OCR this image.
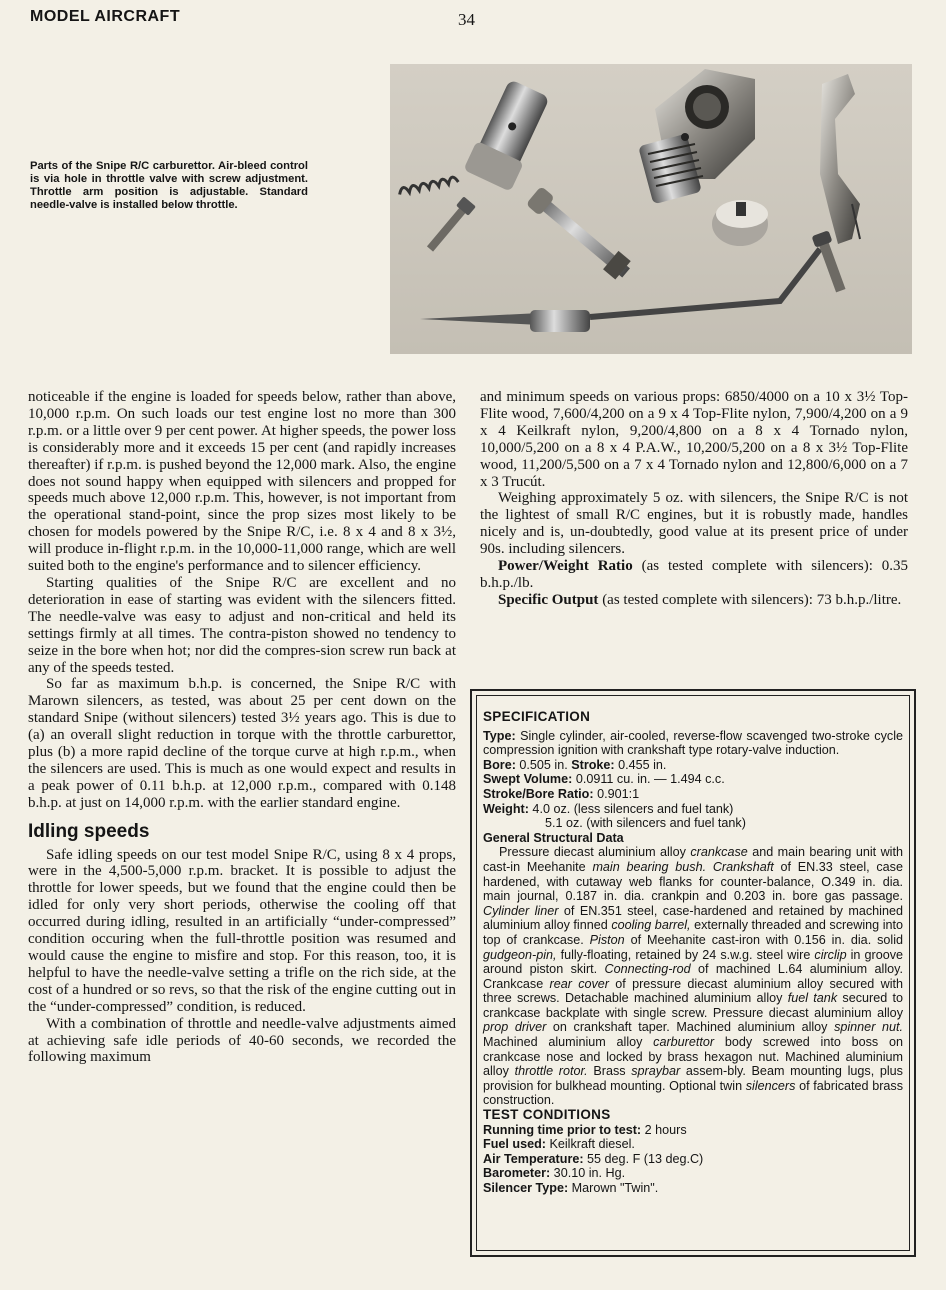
MODEL AIRCRAFT	34
Parts of the Snipe R/C carburettor. Air-bleed control is via hole in throttle valve with screw adjustment. Throttle arm position is adjustable. Standard needle-valve is installed below throttle.

noticeable if the engine is loaded for speeds below, rather than above, 10,000 r.p.m. On such loads our test engine lost no more than 300 r.p.m. or a little over 9 per cent power. At higher speeds, the power loss is considerably more and it exceeds 15 per cent (and rapidly increases thereafter) if r.p.m. is pushed beyond the 12,000 mark. Also, the engine does not sound happy when equipped with silencers and propped for speeds much above 12,000 r.p.m. This, however, is not important from the operational stand-point, since the prop sizes most likely to be chosen for models powered by the Snipe R/C, i.e. 8 x 4 and 8 x 3½, will produce in-flight r.p.m. in the 10,000-11,000 range, which are well suited both to the engine's performance and to silencer efficiency.

Starting qualities of the Snipe R/C are excellent and no deterioration in ease of starting was evident with the silencers fitted. The needle-valve was easy to adjust and non-critical and held its settings firmly at all times. The contra-piston showed no tendency to seize in the bore when hot; nor did the compres-sion screw run back at any of the speeds tested.

So far as maximum b.h.p. is concerned, the Snipe R/C with Marown silencers, as tested, was about 25 per cent down on the standard Snipe (without silencers) tested 3½ years ago. This is due to (a) an overall slight reduction in torque with the throttle carburettor, plus (b) a more rapid decline of the torque curve at high r.p.m., when the silencers are used. This is much as one would expect and results in a peak power of 0.11 b.h.p. at 12,000 r.p.m., compared with 0.148 b.h.p. at just on 14,000 r.p.m. with the earlier standard engine.

Idling speeds

Safe idling speeds on our test model Snipe R/C, using 8 x 4 props, were in the 4,500-5,000 r.p.m. bracket. It is possible to adjust the throttle for lower speeds, but we found that the engine could then be idled for only very short periods, otherwise the cooling off that occurred during idling, resulted in an artificially “under-compressed” condition occuring when the full-throttle position was resumed and would cause the engine to misfire and stop. For this reason, too, it is helpful to have the needle-valve setting a trifle on the rich side, at the cost of a hundred or so revs, so that the risk of the engine cutting out in the “under-compressed” condition, is reduced.

With a combination of throttle and needle-valve adjustments aimed at achieving safe idle periods of 40-60 seconds, we recorded the following maximum

and minimum speeds on various props: 6850/4000 on a 10 x 3½ Top-Flite wood, 7,600/4,200 on a 9 x 4 Top-Flite nylon, 7,900/4,200 on a 9 x 4 Keilkraft nylon, 9,200/4,800 on a 8 x 4 Tornado nylon, 10,000/5,200 on a 8 x 4 P.A.W., 10,200/5,200 on a 8 x 3½ Top-Flite wood, 11,200/5,500 on a 7 x 4 Tornado nylon and 12,800/6,000 on a 7 x 3 Trucút.

Weighing approximately 5 oz. with silencers, the Snipe R/C is not the lightest of small R/C engines, but it is robustly made, handles nicely and is, un-doubtedly, good value at its present price of under 90s. including silencers.

Power/Weight Ratio (as tested complete with silencers): 0.35 b.h.p./lb.

Specific Output (as tested complete with silencers): 73 b.h.p./litre.

SPECIFICATION

Type: Single cylinder, air-cooled, reverse-flow scavenged two-stroke cycle compression ignition with crankshaft type rotary-valve induction.

Bore: 0.505 in. Stroke: 0.455 in.

Swept Volume: 0.0911 cu. in. — 1.494 c.c.

Stroke/Bore Ratio: 0.901:1

Weight: 4.0 oz. (less silencers and fuel tank)

5.1 oz. (with silencers and fuel tank)

General Structural Data

Pressure diecast aluminium alloy crankcase and main bearing unit with cast-in Meehanite main bearing bush. Crankshaft of EN.33 steel, case hardened, with cutaway web flanks for counter-balance, O.349 in. dia. main journal, 0.187 in. dia. crankpin and 0.203 in. bore gas passage. Cylinder liner of EN.351 steel, case-hardened and retained by machined aluminium alloy finned cooling barrel, externally threaded and screwing into top of crankcase. Piston of Meehanite cast-iron with 0.156 in. dia. solid gudgeon-pin, fully-floating, retained by 24 s.w.g. steel wire circlip in groove around piston skirt. Connecting-rod of machined L.64 aluminium alloy. Crankcase rear cover of pressure diecast aluminium alloy secured with three screws. Detachable machined aluminium alloy fuel tank secured to crankcase backplate with single screw. Pressure diecast aluminium alloy prop driver on crankshaft taper. Machined aluminium alloy spinner nut. Machined aluminium alloy carburettor body screwed into boss on crankcase nose and locked by brass hexagon nut. Machined aluminium alloy throttle rotor. Brass spraybar assem-bly. Beam mounting lugs, plus provision for bulkhead mounting. Optional twin silencers of fabricated brass construction.

TEST CONDITIONS

Running time prior to test: 2 hours

Fuel used: Keilkraft diesel.

Air Temperature: 55 deg. F (13 deg.C)

Barometer: 30.10 in. Hg.

Silencer Type: Marown "Twin".
